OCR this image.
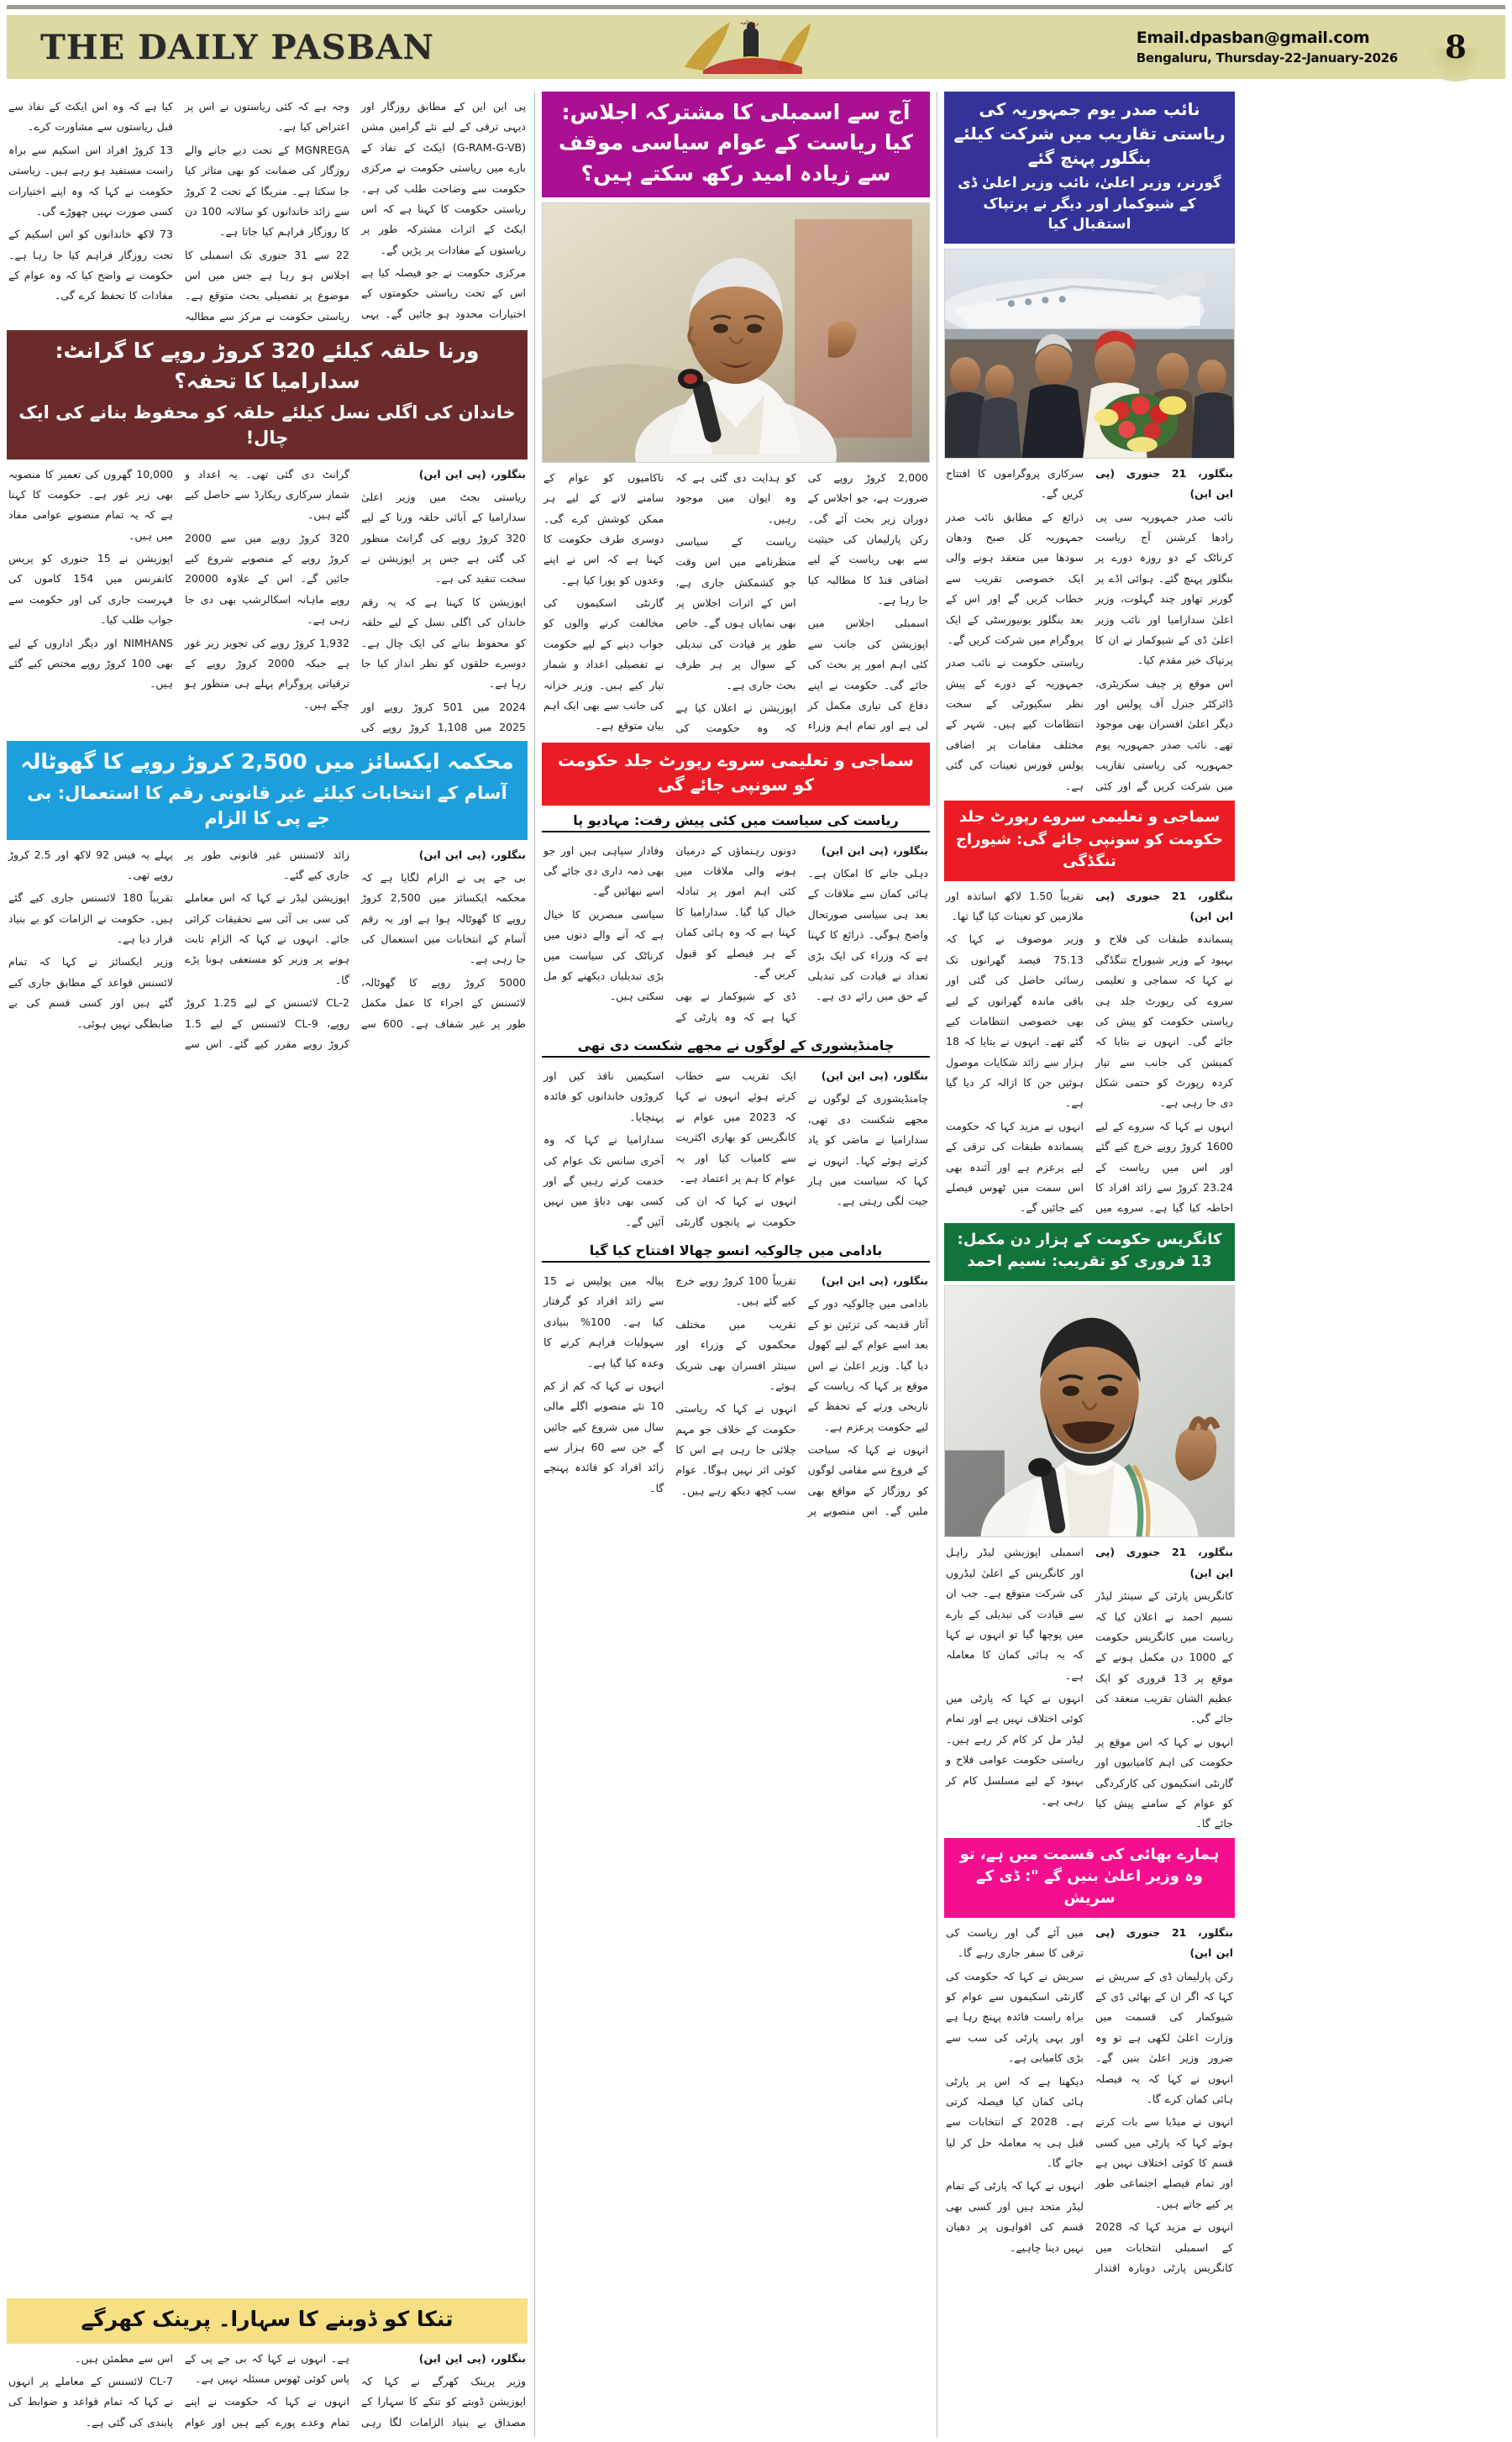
8
Email.dpasban@gmail.com
Bengaluru, Thursday-22-January-2026
روزنامہ
THE DAILY PASBAN

پی این این کے مطابق روزگار اور دیہی ترقی کے لیے نئے گرامین مشن (G-RAM-G-VB) ایکٹ کے نفاذ کے بارے میں ریاستی حکومت نے مرکزی حکومت سے وضاحت طلب کی ہے۔ ریاستی حکومت کا کہنا ہے کہ اس ایکٹ کے اثرات مشترکہ طور پر ریاستوں کے مفادات پر پڑیں گے۔

مرکزی حکومت نے جو فیصلہ کیا ہے اس کے تحت ریاستی حکومتوں کے اختیارات محدود ہو جائیں گے۔ یہی وجہ ہے کہ کئی ریاستوں نے اس پر اعتراض کیا ہے۔

MGNREGA کے تحت دیے جانے والے روزگار کی ضمانت کو بھی متاثر کیا جا سکتا ہے۔ منریگا کے تحت 2 کروڑ سے زائد خاندانوں کو سالانہ 100 دن کا روزگار فراہم کیا جاتا ہے۔

22 سے 31 جنوری تک اسمبلی کا اجلاس ہو رہا ہے جس میں اس موضوع پر تفصیلی بحث متوقع ہے۔ ریاستی حکومت نے مرکز سے مطالبہ کیا ہے کہ وہ اس ایکٹ کے نفاذ سے قبل ریاستوں سے مشاورت کرے۔

13 کروڑ افراد اس اسکیم سے براہ راست مستفید ہو رہے ہیں۔ ریاستی حکومت نے کہا کہ وہ اپنے اختیارات کسی صورت نہیں چھوڑے گی۔

73 لاکھ خاندانوں کو اس اسکیم کے تحت روزگار فراہم کیا جا رہا ہے۔ حکومت نے واضح کیا کہ وہ عوام کے مفادات کا تحفظ کرے گی۔

ورنا حلقہ کیلئے 320 کروڑ روپے کا گرانٹ: سدارامیا کا تحفہ؟
خاندان کی اگلی نسل کیلئے حلقہ کو محفوظ بنانے کی ایک چال!

بنگلور، (پی این این)

ریاستی بجٹ میں وزیر اعلیٰ سدارامیا کے آبائی حلقہ ورنا کے لیے 320 کروڑ روپے کی گرانٹ منظور کی گئی ہے جس پر اپوزیشن نے سخت تنقید کی ہے۔

اپوزیشن کا کہنا ہے کہ یہ رقم خاندان کی اگلی نسل کے لیے حلقہ کو محفوظ بنانے کی ایک چال ہے۔ دوسرے حلقوں کو نظر انداز کیا جا رہا ہے۔

2024 میں 501 کروڑ روپے اور 2025 میں 1,108 کروڑ روپے کی گرانٹ دی گئی تھی۔ یہ اعداد و شمار سرکاری ریکارڈ سے حاصل کیے گئے ہیں۔

320 کروڑ روپے میں سے 2000 کروڑ روپے کے منصوبے شروع کیے جائیں گے۔ اس کے علاوہ 20000 روپے ماہانہ اسکالرشپ بھی دی جا رہی ہے۔

1,932 کروڑ روپے کی تجویز زیر غور ہے جبکہ 2000 کروڑ روپے کے ترقیاتی پروگرام پہلے ہی منظور ہو چکے ہیں۔

10,000 گھروں کی تعمیر کا منصوبہ بھی زیر غور ہے۔ حکومت کا کہنا ہے کہ یہ تمام منصوبے عوامی مفاد میں ہیں۔

اپوزیشن نے 15 جنوری کو پریس کانفرنس میں 154 کاموں کی فہرست جاری کی اور حکومت سے جواب طلب کیا۔

NIMHANS اور دیگر اداروں کے لیے بھی 100 کروڑ روپے مختص کیے گئے ہیں۔

محکمہ ایکسائز میں 2,500 کروڑ روپے کا گھوٹالہ
آسام کے انتخابات کیلئے غیر قانونی رقم کا استعمال: بی جے پی کا الزام

بنگلور، (پی این این)

بی جے پی نے الزام لگایا ہے کہ محکمہ ایکسائز میں 2,500 کروڑ روپے کا گھوٹالہ ہوا ہے اور یہ رقم آسام کے انتخابات میں استعمال کی جا رہی ہے۔

5000 کروڑ روپے کا گھوٹالہ، لائسنس کے اجراء کا عمل مکمل طور پر غیر شفاف ہے۔ 600 سے زائد لائسنس غیر قانونی طور پر جاری کیے گئے۔

اپوزیشن لیڈر نے کہا کہ اس معاملے کی سی بی آئی سے تحقیقات کرائی جائے۔ انہوں نے کہا کہ الزام ثابت ہونے پر وزیر کو مستعفی ہونا پڑے گا۔

CL-2 لائسنس کے لیے 1.25 کروڑ روپے، CL-9 لائسنس کے لیے 1.5 کروڑ روپے مقرر کیے گئے۔ اس سے پہلے یہ فیس 92 لاکھ اور 2.5 کروڑ روپے تھی۔

تقریباً 180 لائسنس جاری کیے گئے ہیں۔ حکومت نے الزامات کو بے بنیاد قرار دیا ہے۔

وزیر ایکسائز نے کہا کہ تمام لائسنس قواعد کے مطابق جاری کیے گئے ہیں اور کسی قسم کی بے ضابطگی نہیں ہوئی۔

تنکا کو ڈوبنے کا سہارا۔ پرینک کھرگے

بنگلور، (پی این این)

وزیر پرینک کھرگے نے کہا کہ اپوزیشن ڈوبتے کو تنکے کا سہارا کے مصداق بے بنیاد الزامات لگا رہی ہے۔ انہوں نے کہا کہ بی جے پی کے پاس کوئی ٹھوس مسئلہ نہیں ہے۔

انہوں نے کہا کہ حکومت نے اپنے تمام وعدے پورے کیے ہیں اور عوام اس سے مطمئن ہیں۔

7-CL لائسنس کے معاملے پر انہوں نے کہا کہ تمام قواعد و ضوابط کی پابندی کی گئی ہے۔

آج سے اسمبلی کا مشترکہ اجلاس: کیا ریاست کے عوام سیاسی موقف سے زیادہ امید رکھ سکتے ہیں؟

2,000 کروڑ روپے کی ضرورت ہے، جو اجلاس کے دوران زیر بحث آئے گی۔ رکن پارلیمان کی حیثیت سے بھی ریاست کے لیے اضافی فنڈ کا مطالبہ کیا جا رہا ہے۔

اسمبلی اجلاس میں اپوزیشن کی جانب سے کئی اہم امور پر بحث کی جائے گی۔ حکومت نے اپنے دفاع کی تیاری مکمل کر لی ہے اور تمام اہم وزراء کو ہدایت دی گئی ہے کہ وہ ایوان میں موجود رہیں۔

ریاست کے سیاسی منظرنامے میں اس وقت جو کشمکش جاری ہے، اس کے اثرات اجلاس پر بھی نمایاں ہوں گے۔ خاص طور پر قیادت کی تبدیلی کے سوال پر ہر طرف بحث جاری ہے۔

اپوزیشن نے اعلان کیا ہے کہ وہ حکومت کی ناکامیوں کو عوام کے سامنے لانے کے لیے ہر ممکن کوشش کرے گی۔ دوسری طرف حکومت کا کہنا ہے کہ اس نے اپنے وعدوں کو پورا کیا ہے۔

گارنٹی اسکیموں کی مخالفت کرنے والوں کو جواب دینے کے لیے حکومت نے تفصیلی اعداد و شمار تیار کیے ہیں۔ وزیر خزانہ کی جانب سے بھی ایک اہم بیان متوقع ہے۔

سماجی و تعلیمی سروے رپورٹ جلد حکومت کو سونپی جائے گی
ریاست کی سیاست میں کئی پیش رفت: مہادیو پا

بنگلور، (پی این این)

دہلی جانے کا امکان ہے۔ ہائی کمان سے ملاقات کے بعد ہی سیاسی صورتحال واضح ہوگی۔ ذرائع کا کہنا ہے کہ وزراء کی ایک بڑی تعداد نے قیادت کی تبدیلی کے حق میں رائے دی ہے۔

دونوں رہنماؤں کے درمیان ہونے والی ملاقات میں کئی اہم امور پر تبادلہ خیال کیا گیا۔ سدارامیا کا کہنا ہے کہ وہ ہائی کمان کے ہر فیصلے کو قبول کریں گے۔

ڈی کے شیوکمار نے بھی کہا ہے کہ وہ پارٹی کے وفادار سپاہی ہیں اور جو بھی ذمہ داری دی جائے گی اسے نبھائیں گے۔

سیاسی مبصرین کا خیال ہے کہ آنے والے دنوں میں کرناٹک کی سیاست میں بڑی تبدیلیاں دیکھنے کو مل سکتی ہیں۔

چامنڈیشوری کے لوگوں نے مجھے شکست دی تھی

بنگلور، (پی این این)

چامنڈیشوری کے لوگوں نے مجھے شکست دی تھی، سدارامیا نے ماضی کو یاد کرتے ہوئے کہا۔ انہوں نے کہا کہ سیاست میں ہار جیت لگی رہتی ہے۔

ایک تقریب سے خطاب کرتے ہوئے انہوں نے کہا کہ 2023 میں عوام نے کانگریس کو بھاری اکثریت سے کامیاب کیا اور یہ عوام کا ہم پر اعتماد ہے۔

انہوں نے کہا کہ ان کی حکومت نے پانچوں گارنٹی اسکیمیں نافذ کیں اور کروڑوں خاندانوں کو فائدہ پہنچایا۔

سدارامیا نے کہا کہ وہ آخری سانس تک عوام کی خدمت کرتے رہیں گے اور کسی بھی دباؤ میں نہیں آئیں گے۔

بادامی میں چالوکیہ انسو چھالا افتتاح کیا گیا

بنگلور، (پی این این)

بادامی میں چالوکیہ دور کے آثار قدیمہ کی تزئین نو کے بعد اسے عوام کے لیے کھول دیا گیا۔ وزیر اعلیٰ نے اس موقع پر کہا کہ ریاست کے تاریخی ورثے کے تحفظ کے لیے حکومت پرعزم ہے۔

انہوں نے کہا کہ سیاحت کے فروغ سے مقامی لوگوں کو روزگار کے مواقع بھی ملیں گے۔ اس منصوبے پر تقریباً 100 کروڑ روپے خرچ کیے گئے ہیں۔

تقریب میں مختلف محکموں کے وزراء اور سینئر افسران بھی شریک ہوئے۔

انہوں نے کہا کہ ریاستی حکومت کے خلاف جو مہم چلائی جا رہی ہے اس کا کوئی اثر نہیں ہوگا۔ عوام سب کچھ دیکھ رہے ہیں۔

پیالہ میں پولیس نے 15 سے زائد افراد کو گرفتار کیا ہے۔ 100% بنیادی سہولیات فراہم کرنے کا وعدہ کیا گیا ہے۔

انہوں نے کہا کہ کم از کم 10 نئے منصوبے اگلے مالی سال میں شروع کیے جائیں گے جن سے 60 ہزار سے زائد افراد کو فائدہ پہنچے گا۔

نائب صدر یوم جمہوریہ کی ریاستی تقاریب میں شرکت کیلئے بنگلور پہنچ گئے
گورنر، وزیر اعلیٰ، نائب وزیر اعلیٰ ڈی کے شیوکمار اور دیگر نے پرتپاک استقبال کیا

بنگلور، 21 جنوری (پی این این)

نائب صدر جمہوریہ سی پی رادھا کرشنن آج ریاست کرناٹک کے دو روزہ دورے پر بنگلور پہنچ گئے۔ ہوائی اڈے پر گورنر تھاور چند گہلوت، وزیر اعلیٰ سدارامیا اور نائب وزیر اعلیٰ ڈی کے شیوکمار نے ان کا پرتپاک خیر مقدم کیا۔

اس موقع پر چیف سکریٹری، ڈائرکٹر جنرل آف پولس اور دیگر اعلیٰ افسران بھی موجود تھے۔ نائب صدر جمہوریہ یوم جمہوریہ کی ریاستی تقاریب میں شرکت کریں گے اور کئی سرکاری پروگراموں کا افتتاح کریں گے۔

ذرائع کے مطابق نائب صدر جمہوریہ کل صبح ودھان سودھا میں منعقد ہونے والی ایک خصوصی تقریب سے خطاب کریں گے اور اس کے بعد بنگلور یونیورسٹی کے ایک پروگرام میں شرکت کریں گے۔

ریاستی حکومت نے نائب صدر جمہوریہ کے دورے کے پیش نظر سکیورٹی کے سخت انتظامات کیے ہیں۔ شہر کے مختلف مقامات پر اضافی پولس فورس تعینات کی گئی ہے۔

سماجی و تعلیمی سروے رپورٹ جلد حکومت کو سونپی جائے گی: شیوراج تنگڈگی

بنگلور، 21 جنوری (پی این این)

پسماندہ طبقات کی فلاح و بہبود کے وزیر شیوراج تنگڈگی نے کہا کہ سماجی و تعلیمی سروے کی رپورٹ جلد ہی ریاستی حکومت کو پیش کی جائے گی۔ انہوں نے بتایا کہ کمیشن کی جانب سے تیار کردہ رپورٹ کو حتمی شکل دی جا رہی ہے۔

انہوں نے کہا کہ سروے کے لیے 1600 کروڑ روپے خرچ کیے گئے اور اس میں ریاست کے 23.24 کروڑ سے زائد افراد کا احاطہ کیا گیا ہے۔ سروے میں تقریباً 1.50 لاکھ اساتذہ اور ملازمین کو تعینات کیا گیا تھا۔

وزیر موصوف نے کہا کہ 75.13 فیصد گھرانوں تک رسائی حاصل کی گئی اور باقی ماندہ گھرانوں کے لیے بھی خصوصی انتظامات کیے گئے تھے۔ انہوں نے بتایا کہ 18 ہزار سے زائد شکایات موصول ہوئیں جن کا ازالہ کر دیا گیا ہے۔

انہوں نے مزید کہا کہ حکومت پسماندہ طبقات کی ترقی کے لیے پرعزم ہے اور آئندہ بھی اس سمت میں ٹھوس فیصلے کیے جائیں گے۔

کانگریس حکومت کے ہزار دن مکمل: 13 فروری کو تقریب: نسیم احمد

بنگلور، 21 جنوری (پی این این)

کانگریس پارٹی کے سینئر لیڈر نسیم احمد نے اعلان کیا کہ ریاست میں کانگریس حکومت کے 1000 دن مکمل ہونے کے موقع پر 13 فروری کو ایک عظیم الشان تقریب منعقد کی جائے گی۔

انہوں نے کہا کہ اس موقع پر حکومت کی اہم کامیابیوں اور گارنٹی اسکیموں کی کارکردگی کو عوام کے سامنے پیش کیا جائے گا۔

اسمبلی اپوزیشن لیڈر راہل اور کانگریس کے اعلیٰ لیڈروں کی شرکت متوقع ہے۔ جب ان سے قیادت کی تبدیلی کے بارے میں پوچھا گیا تو انہوں نے کہا کہ یہ ہائی کمان کا معاملہ ہے۔

انہوں نے کہا کہ پارٹی میں کوئی اختلاف نہیں ہے اور تمام لیڈر مل کر کام کر رہے ہیں۔ ریاستی حکومت عوامی فلاح و بہبود کے لیے مسلسل کام کر رہی ہے۔

ہمارے بھائی کی قسمت میں ہے، تو وہ وزیر اعلیٰ بنیں گے ": ڈی کے سریش

بنگلور، 21 جنوری (پی این این)

رکن پارلیمان ڈی کے سریش نے کہا کہ اگر ان کے بھائی ڈی کے شیوکمار کی قسمت میں وزارت اعلیٰ لکھی ہے تو وہ ضرور وزیر اعلیٰ بنیں گے۔ انہوں نے کہا کہ یہ فیصلہ ہائی کمان کرے گا۔

انہوں نے میڈیا سے بات کرتے ہوئے کہا کہ پارٹی میں کسی قسم کا کوئی اختلاف نہیں ہے اور تمام فیصلے اجتماعی طور پر کیے جاتے ہیں۔

انہوں نے مزید کہا کہ 2028 کے اسمبلی انتخابات میں کانگریس پارٹی دوبارہ اقتدار میں آئے گی اور ریاست کی ترقی کا سفر جاری رہے گا۔

سریش نے کہا کہ حکومت کی گارنٹی اسکیموں سے عوام کو براہ راست فائدہ پہنچ رہا ہے اور یہی پارٹی کی سب سے بڑی کامیابی ہے۔

دیکھنا ہے کہ اس پر پارٹی ہائی کمان کیا فیصلہ کرتی ہے۔ 2028 کے انتخابات سے قبل ہی یہ معاملہ حل کر لیا جائے گا۔

انہوں نے کہا کہ پارٹی کے تمام لیڈر متحد ہیں اور کسی بھی قسم کی افواہوں پر دھیان نہیں دینا چاہیے۔
